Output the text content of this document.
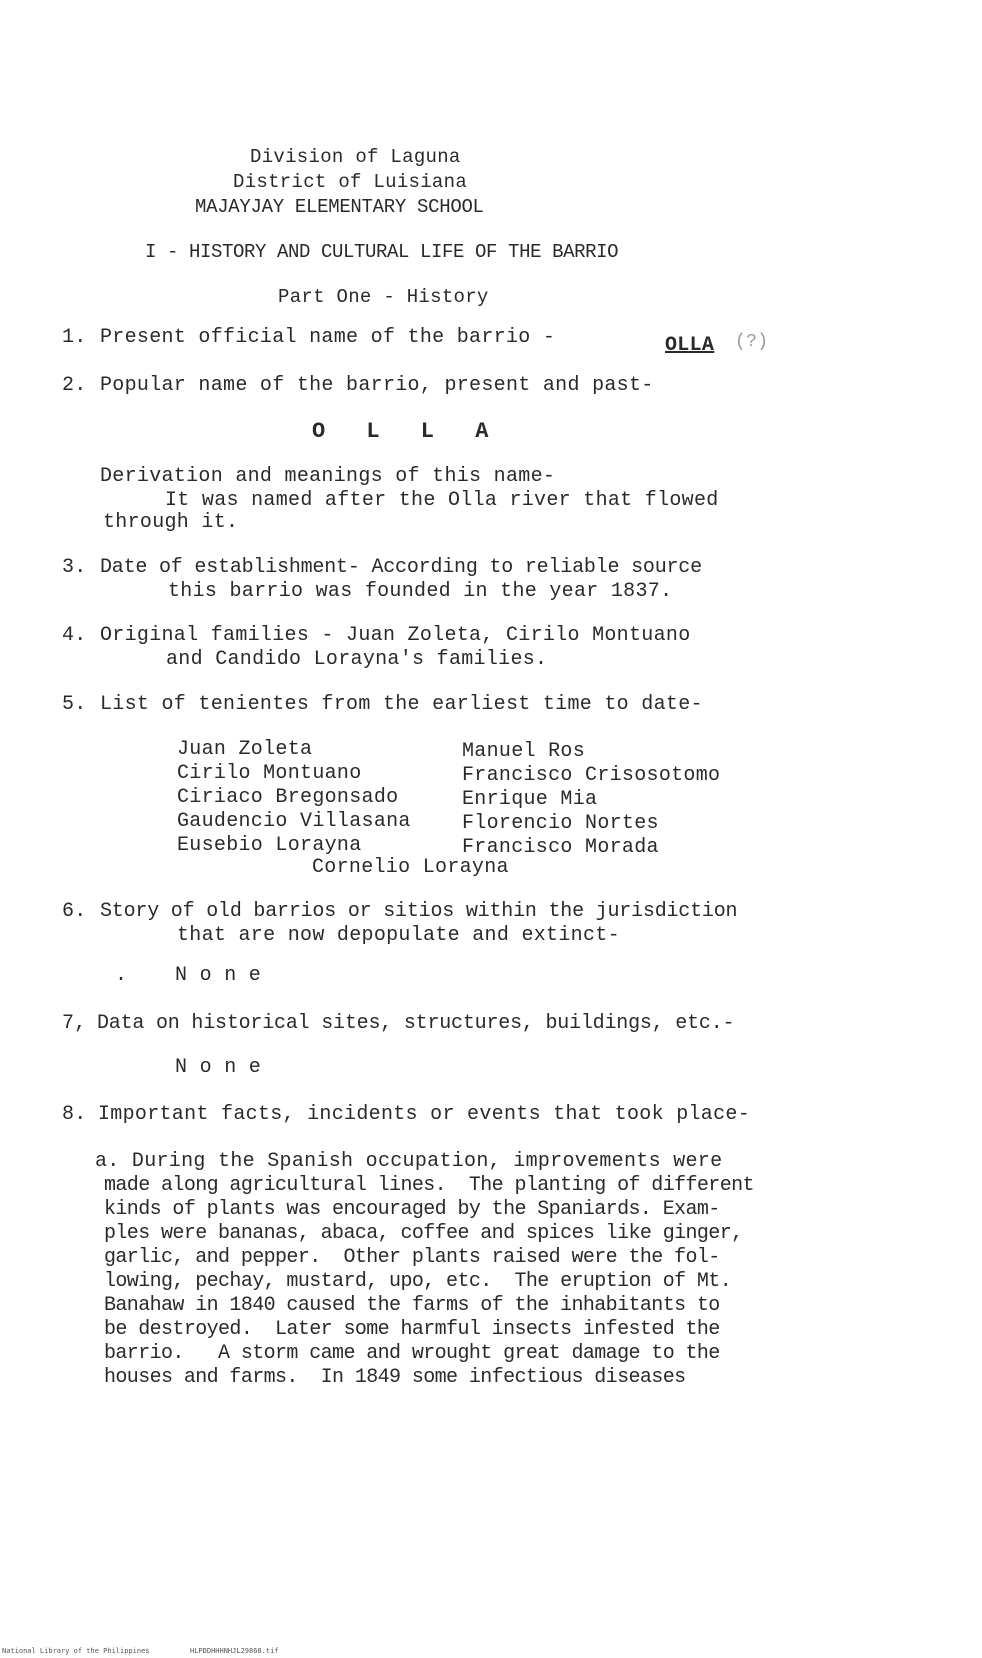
Division of Laguna
District of Luisiana
MAJAYJAY ELEMENTARY SCHOOL
I - HISTORY AND CULTURAL LIFE OF THE BARRIO
Part One - History
1. Present official name of the barrio -	OLLA (?)
2. Popular name of the barrio, present and past-
O L L A
Derivation and meanings of this name-
It was named after the Olla river that flowed
through it.
3. Date of establishment- According to reliable source
this barrio was founded in the year 1837.
4. Original families - Juan Zoleta, Cirilo Montuano
and Candido Lorayna's families.
5. List of tenientes from the earliest time to date-
Juan Zoleta
Cirilo Montuano
Ciriaco Bregonsado
Gaudencio Villasana
Eusebio Lorayna
Manuel Ros
Francisco Crisosotomo
Enrique Mia
Florencio Nortes
Francisco Morada
Cornelio Lorayna
6. Story of old barrios or sitios within the jurisdiction
that are now depopulate and extinct-
. N o n e
7, Data on historical sites, structures, buildings, etc.-
N o n e
8. Important facts, incidents or events that took place-
a. During the Spanish occupation, improvements were
made along agricultural lines.  The planting of different
kinds of plants was encouraged by the Spaniards. Exam-
ples were bananas, abaca, coffee and spices like ginger,
garlic, and pepper.  Other plants raised were the fol-
lowing, pechay, mustard, upo, etc.  The eruption of Mt.
Banahaw in 1840 caused the farms of the inhabitants to
be destroyed.  Later some harmful insects infested the
barrio.   A storm came and wrought great damage to the
houses and farms.  In 1849 some infectious diseases
National Library of the Philippines	HLPDDHHHNHJL29868.tif
